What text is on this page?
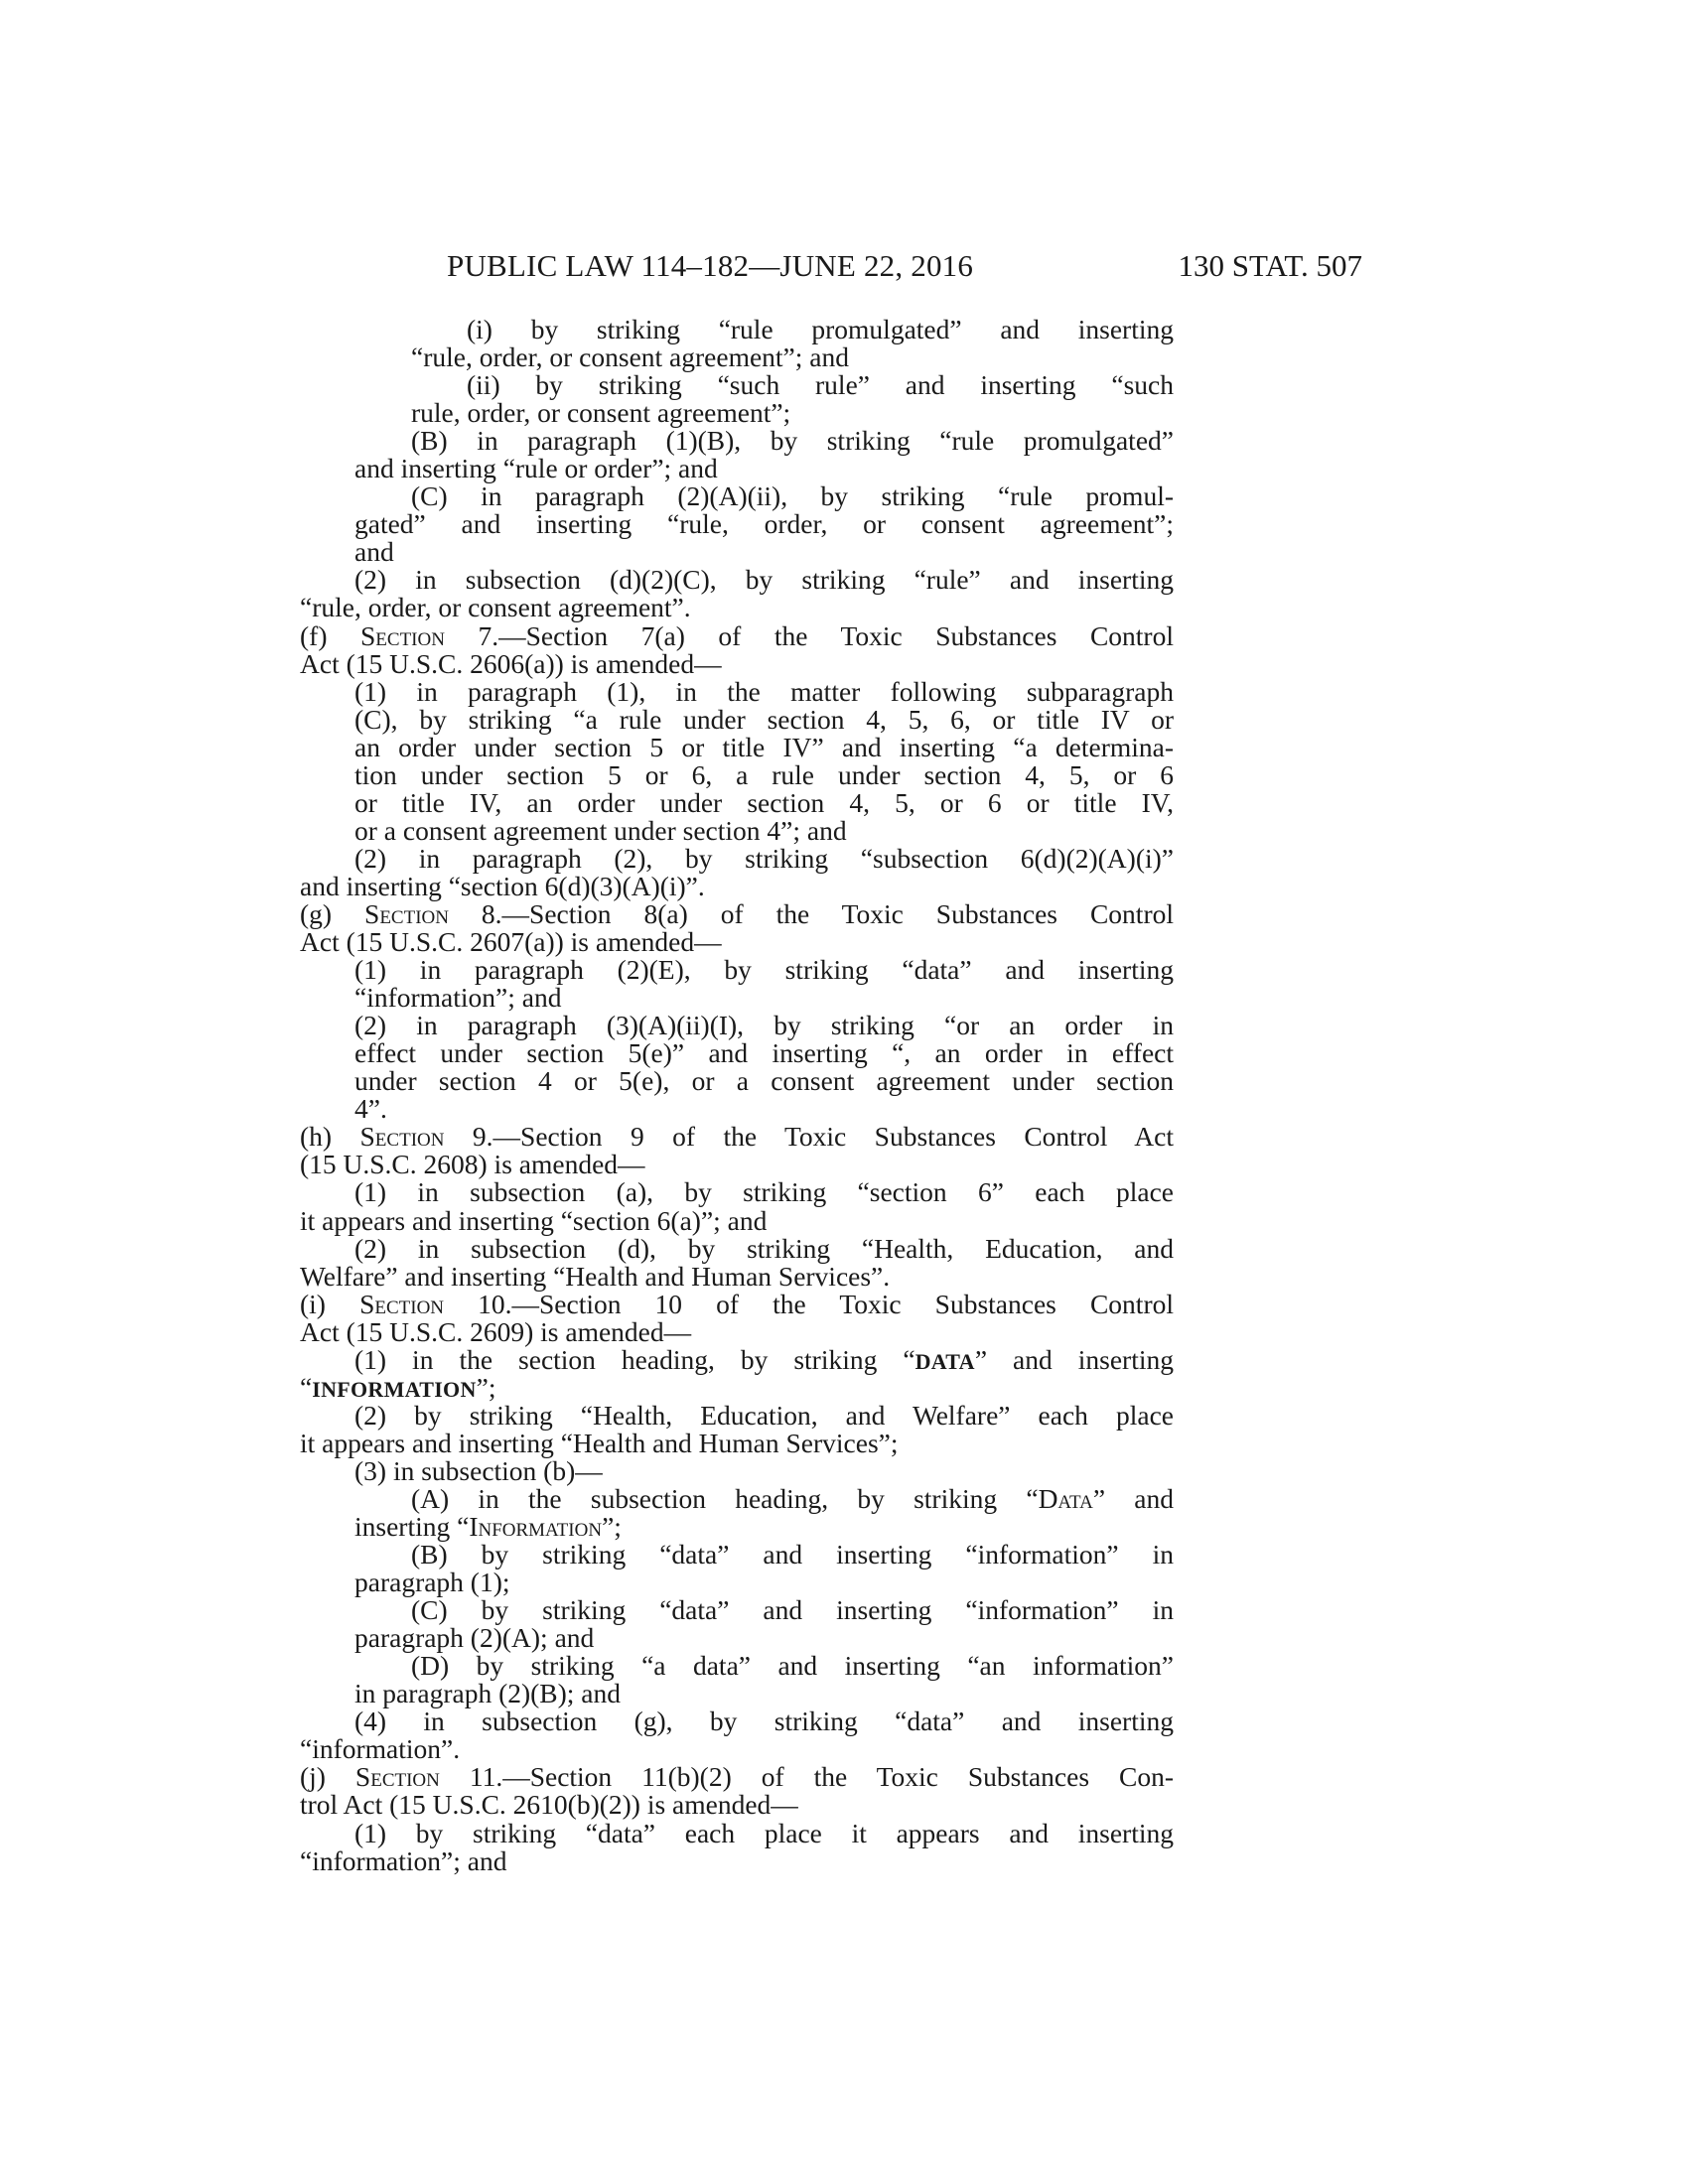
PUBLIC LAW 114–182—JUNE 22, 2016	130 STAT. 507
(i) by striking “rule promulgated” and inserting
“rule, order, or consent agreement”; and
(ii) by striking “such rule” and inserting “such
rule, order, or consent agreement”;
(B) in paragraph (1)(B), by striking “rule promulgated”
and inserting “rule or order”; and
(C) in paragraph (2)(A)(ii), by striking “rule promul-
gated” and inserting “rule, order, or consent agreement”;
and
(2) in subsection (d)(2)(C), by striking “rule” and inserting
“rule, order, or consent agreement”.
(f) Section 7.—Section 7(a) of the Toxic Substances Control
Act (15 U.S.C. 2606(a)) is amended—
(1) in paragraph (1), in the matter following subparagraph
(C), by striking “a rule under section 4, 5, 6, or title IV or
an order under section 5 or title IV” and inserting “a determina-
tion under section 5 or 6, a rule under section 4, 5, or 6
or title IV, an order under section 4, 5, or 6 or title IV,
or a consent agreement under section 4”; and
(2) in paragraph (2), by striking “subsection 6(d)(2)(A)(i)”
and inserting “section 6(d)(3)(A)(i)”.
(g) Section 8.—Section 8(a) of the Toxic Substances Control
Act (15 U.S.C. 2607(a)) is amended—
(1) in paragraph (2)(E), by striking “data” and inserting
“information”; and
(2) in paragraph (3)(A)(ii)(I), by striking “or an order in
effect under section 5(e)” and inserting “, an order in effect
under section 4 or 5(e), or a consent agreement under section
4”.
(h) Section 9.—Section 9 of the Toxic Substances Control Act
(15 U.S.C. 2608) is amended—
(1) in subsection (a), by striking “section 6” each place
it appears and inserting “section 6(a)”; and
(2) in subsection (d), by striking “Health, Education, and
Welfare” and inserting “Health and Human Services”.
(i) Section 10.—Section 10 of the Toxic Substances Control
Act (15 U.S.C. 2609) is amended—
(1) in the section heading, by striking “DATA” and inserting
“INFORMATION”;
(2) by striking “Health, Education, and Welfare” each place
it appears and inserting “Health and Human Services”;
(3) in subsection (b)—
(A) in the subsection heading, by striking “Data” and
inserting “Information”;
(B) by striking “data” and inserting “information” in
paragraph (1);
(C) by striking “data” and inserting “information” in
paragraph (2)(A); and
(D) by striking “a data” and inserting “an information”
in paragraph (2)(B); and
(4) in subsection (g), by striking “data” and inserting
“information”.
(j) Section 11.—Section 11(b)(2) of the Toxic Substances Con-
trol Act (15 U.S.C. 2610(b)(2)) is amended—
(1) by striking “data” each place it appears and inserting
“information”; and
